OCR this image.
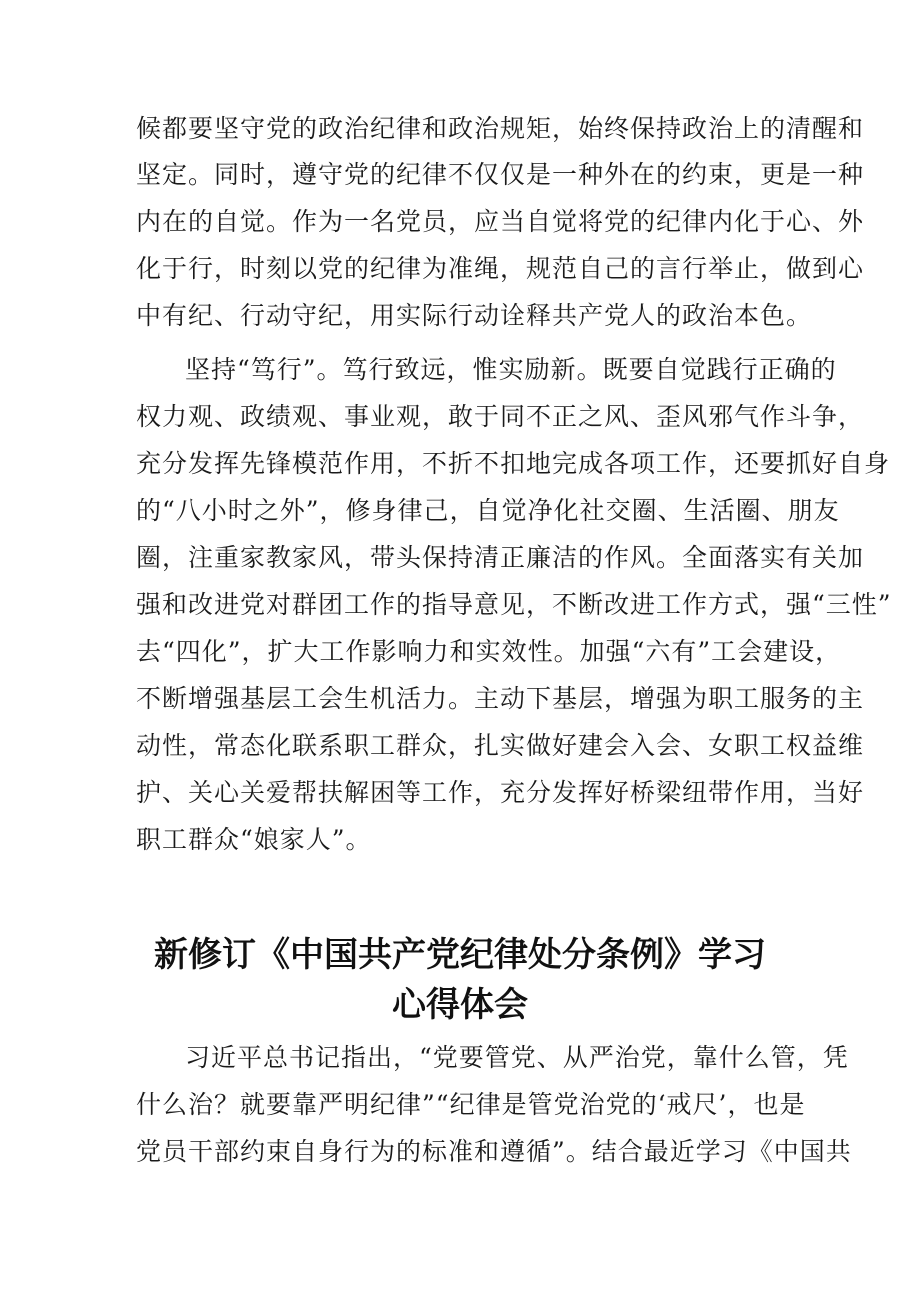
候都要坚守党的政治纪律和政治规矩，始终保持政治上的清醒和

坚定。同时，遵守党的纪律不仅仅是一种外在的约束，更是一种

内在的自觉。作为一名党员，应当自觉将党的纪律内化于心、外

化于行，时刻以党的纪律为准绳，规范自己的言行举止，做到心

中有纪、行动守纪，用实际行动诠释共产党人的政治本色。

坚持“笃行”。笃行致远，惟实励新。既要自觉践行正确的

权力观、政绩观、事业观，敢于同不正之风、歪风邪气作斗争，

充分发挥先锋模范作用，不折不扣地完成各项工作，还要抓好自身

的“八小时之外”，修身律己，自觉净化社交圈、生活圈、朋友

圈，注重家教家风，带头保持清正廉洁的作风。全面落实有关加

强和改进党对群团工作的指导意见，不断改进工作方式，强“三性”

去“四化”，扩大工作影响力和实效性。加强“六有”工会建设，

不断增强基层工会生机活力。主动下基层，增强为职工服务的主

动性，常态化联系职工群众，扎实做好建会入会、女职工权益维

护、关心关爱帮扶解困等工作，充分发挥好桥梁纽带作用，当好

职工群众“娘家人”。

新修订《中国共产党纪律处分条例》学习
心得体会

习近平总书记指出，“党要管党、从严治党，靠什么管，凭

什么治？就要靠严明纪律”“纪律是管党治党的‘戒尺’，也是

党员干部约束自身行为的标准和遵循”。结合最近学习《中国共
